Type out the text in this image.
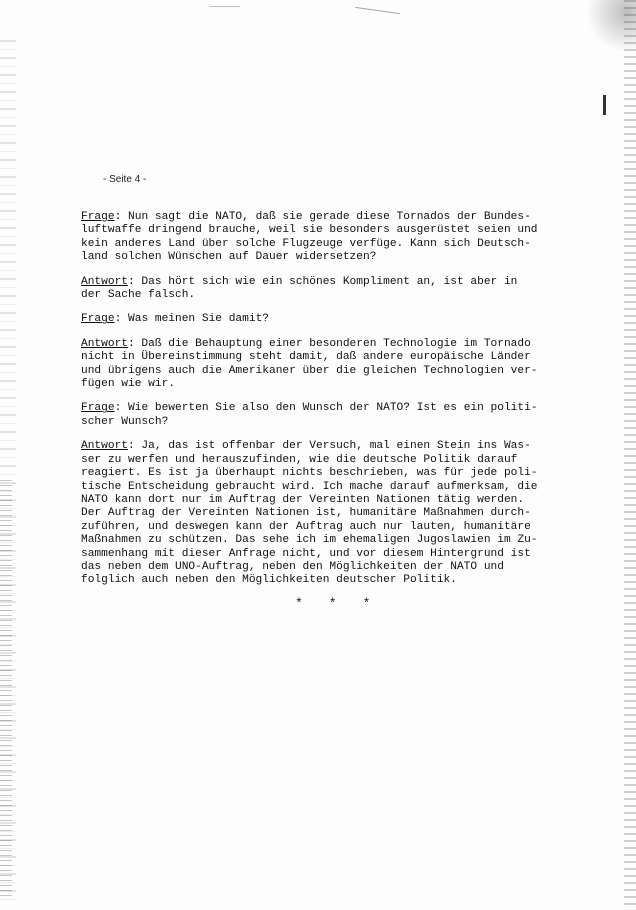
- Seite 4 -

Frage: Nun sagt die NATO, daß sie gerade diese Tornados der Bundes-
luftwaffe dringend brauche, weil sie besonders ausgerüstet seien und
kein anderes Land über solche Flugzeuge verfüge. Kann sich Deutsch-
land solchen Wünschen auf Dauer widersetzen?

Antwort: Das hört sich wie ein schönes Kompliment an, ist aber in
der Sache falsch.

Frage: Was meinen Sie damit?

Antwort: Daß die Behauptung einer besonderen Technologie im Tornado
nicht in Übereinstimmung steht damit, daß andere europäische Länder
und übrigens auch die Amerikaner über die gleichen Technologien ver-
fügen wie wir.

Frage: Wie bewerten Sie also den Wunsch der NATO? Ist es ein politi-
scher Wunsch?

Antwort: Ja, das ist offenbar der Versuch, mal einen Stein ins Was-
ser zu werfen und herauszufinden, wie die deutsche Politik darauf
reagiert. Es ist ja überhaupt nichts beschrieben, was für jede poli-
tische Entscheidung gebraucht wird. Ich mache darauf aufmerksam, die
NATO kann dort nur im Auftrag der Vereinten Nationen tätig werden.
Der Auftrag der Vereinten Nationen ist, humanitäre Maßnahmen durch-
zuführen, und deswegen kann der Auftrag auch nur lauten, humanitäre
Maßnahmen zu schützen. Das sehe ich im ehemaligen Jugoslawien im Zu-
sammenhang mit dieser Anfrage nicht, und vor diesem Hintergrund ist
das neben dem UNO-Auftrag, neben den Möglichkeiten der NATO und
folglich auch neben den Möglichkeiten deutscher Politik.

***
